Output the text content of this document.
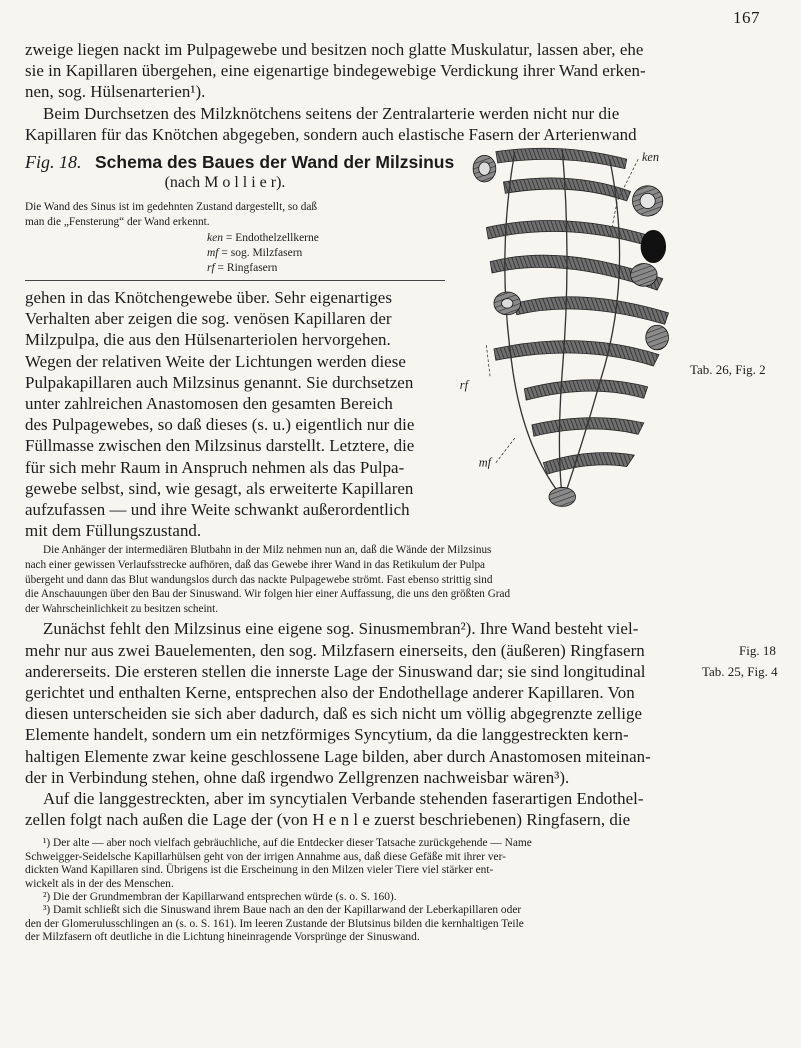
167
zweige liegen nackt im Pulpagewebe und besitzen noch glatte Muskulatur, lassen aber, ehe
sie in Kapillaren übergehen, eine eigenartige bindegewebige Verdickung ihrer Wand erken-
nen, sog. Hülsenarterien¹).
Beim Durchsetzen des Milzknötchens seitens der Zentralarterie werden nicht nur die
Kapillaren für das Knötchen abgegeben, sondern auch elastische Fasern der Arterienwand
Fig. 18. Schema des Baues der Wand der Milzsinus
(nach M o l l i e r).
Die Wand des Sinus ist im gedehnten Zustand dargestellt, so daß
man die „Fensterung“ der Wand erkennt.
ken = Endothelzellkerne
mf = sog. Milzfasern
rf = Ringfasern
ken
rf
mf
gehen in das Knötchengewebe über. Sehr eigenartiges
Verhalten aber zeigen die sog. venösen Kapillaren der
Milzpulpa, die aus den Hülsenarteriolen hervorgehen.
Wegen der relativen Weite der Lichtungen werden diese
Pulpakapillaren auch Milzsinus genannt. Sie durchsetzen
unter zahlreichen Anastomosen den gesamten Bereich
des Pulpagewebes, so daß dieses (s. u.) eigentlich nur die
Füllmasse zwischen den Milzsinus darstellt. Letztere, die
für sich mehr Raum in Anspruch nehmen als das Pulpa-
gewebe selbst, sind, wie gesagt, als erweiterte Kapillaren
aufzufassen — und ihre Weite schwankt außerordentlich
mit dem Füllungszustand.
Tab. 26, Fig. 2
Die Anhänger der intermediären Blutbahn in der Milz nehmen nun an, daß die Wände der Milzsinus
nach einer gewissen Verlaufsstrecke aufhören, daß das Gewebe ihrer Wand in das Retikulum der Pulpa
übergeht und dann das Blut wandungslos durch das nackte Pulpagewebe strömt. Fast ebenso strittig sind
die Anschauungen über den Bau der Sinuswand. Wir folgen hier einer Auffassung, die uns den größten Grad
der Wahrscheinlichkeit zu besitzen scheint.
Zunächst fehlt den Milzsinus eine eigene sog. Sinusmembran²). Ihre Wand besteht viel-
mehr nur aus zwei Bauelementen, den sog. Milzfasern einerseits, den (äußeren) Ringfasern
andererseits. Die ersteren stellen die innerste Lage der Sinuswand dar; sie sind longitudinal
gerichtet und enthalten Kerne, entsprechen also der Endothellage anderer Kapillaren. Von
diesen unterscheiden sie sich aber dadurch, daß es sich nicht um völlig abgegrenzte zellige
Elemente handelt, sondern um ein netzförmiges Syncytium, da die langgestreckten kern-
haltigen Elemente zwar keine geschlossene Lage bilden, aber durch Anastomosen miteinan-
der in Verbindung stehen, ohne daß irgendwo Zellgrenzen nachweisbar wären³).
Auf die langgestreckten, aber im syncytialen Verbande stehenden faserartigen Endothel-
zellen folgt nach außen die Lage der (von H e n l e zuerst beschriebenen) Ringfasern, die
Fig. 18
Tab. 25, Fig. 4
¹) Der alte — aber noch vielfach gebräuchliche, auf die Entdecker dieser Tatsache zurückgehende — Name
Schweigger-Seidelsche Kapillarhülsen geht von der irrigen Annahme aus, daß diese Gefäße mit ihrer ver-
dickten Wand Kapillaren sind. Übrigens ist die Erscheinung in den Milzen vieler Tiere viel stärker ent-
wickelt als in der des Menschen.
²) Die der Grundmembran der Kapillarwand entsprechen würde (s. o. S. 160).
³) Damit schließt sich die Sinuswand ihrem Baue nach an den der Kapillarwand der Leberkapillaren oder
den der Glomerulusschlingen an (s. o. S. 161). Im leeren Zustande der Blutsinus bilden die kernhaltigen Teile
der Milzfasern oft deutliche in die Lichtung hineinragende Vorsprünge der Sinuswand.
